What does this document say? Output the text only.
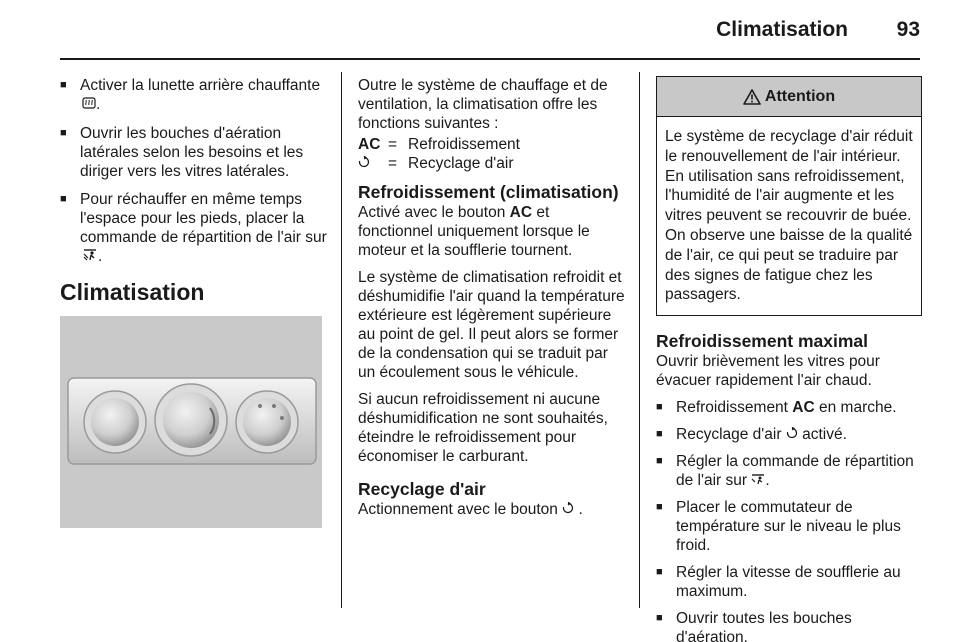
Climatisation	93
■ Activer la lunette arrière chauffante
.
■ Ouvrir les bouches d'aération latérales selon les besoins et les diriger vers les vitres latérales.
■ Pour réchauffer en même temps l'espace pour les pieds, placer la commande de répartition de l'air sur .
Climatisation

Outre le système de chauffage et de ventilation, la climatisation offre les fonctions suivantes :

AC = Refroidissement
= Recyclage d'air
Refroidissement (climatisation)

Activé avec le bouton AC et fonctionnel uniquement lorsque le moteur et la soufflerie tournent.

Le système de climatisation refroidit et déshumidifie l'air quand la température extérieure est légèrement supérieure au point de gel. Il peut alors se former de la condensation qui se traduit par un écoulement sous le véhicule.

Si aucun refroidissement ni aucune déshumidification ne sont souhaités, éteindre le refroidissement pour économiser le carburant.

Recyclage d'air

Actionnement avec le bouton .

Attention
Le système de recyclage d'air réduit le renouvellement de l'air intérieur. En utilisation sans refroidissement, l'humidité de l'air augmente et les vitres peuvent se recouvrir de buée. On observe une baisse de la qualité de l'air, ce qui peut se traduire par des signes de fatigue chez les passagers.
Refroidissement maximal

Ouvrir brièvement les vitres pour évacuer rapidement l'air chaud.

■ Refroidissement AC en marche.
■ Recyclage d'air  activé.
■ Régler la commande de répartition de l'air sur .
■ Placer le commutateur de température sur le niveau le plus froid.
■ Régler la vitesse de soufflerie au maximum.
■ Ouvrir toutes les bouches d'aération.
